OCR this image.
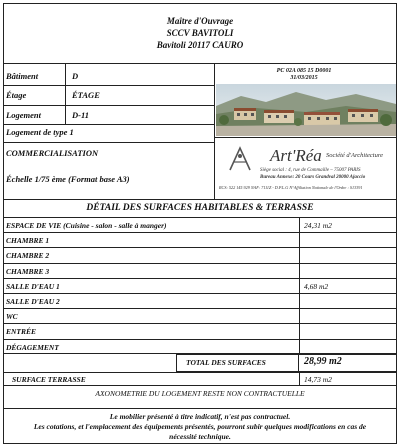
Maître d'Ouvrage
SCCV BAVITOLI
Bavitoli 20117 CAURO
Bâtiment	D
Étage	ÉTAGE
Logement	D-11
Logement de type 1
COMMERCIALISATION
Échelle 1/75 ème (Format base A3)
PC 02A 085 15 D0001
31/03/2015
Art'Réa Société d'Architecture
Siège social : 4, rue de Commaille – 75007 PARIS
Bureau Annexe: 20 Cours Grandval 20000 Ajaccio
RCS: 522 145 929 NAF: 7111Z - D.P.L.G N°Affiliation Nationale de l'Ordre : S13391
DÉTAIL DES SURFACES HABITABLES & TERRASSE
ESPACE DE VIE (Cuisine - salon - salle à manger)	24,31 m2
CHAMBRE 1
CHAMBRE 2
CHAMBRE 3
SALLE D'EAU 1	4,68 m2
SALLE D'EAU 2
WC
ENTRÉE
DÉGAGEMENT
TOTAL DES SURFACES	28,99 m2
SURFACE TERRASSE	14,73 m2
AXONOMETRIE DU LOGEMENT RESTE NON CONTRACTUELLE
Le mobilier présenté à titre indicatif, n'est pas contractuel.
Les cotations, et l'emplacement des équipements présentés, pourront subir quelques modifications en cas de
nécessité technique.
